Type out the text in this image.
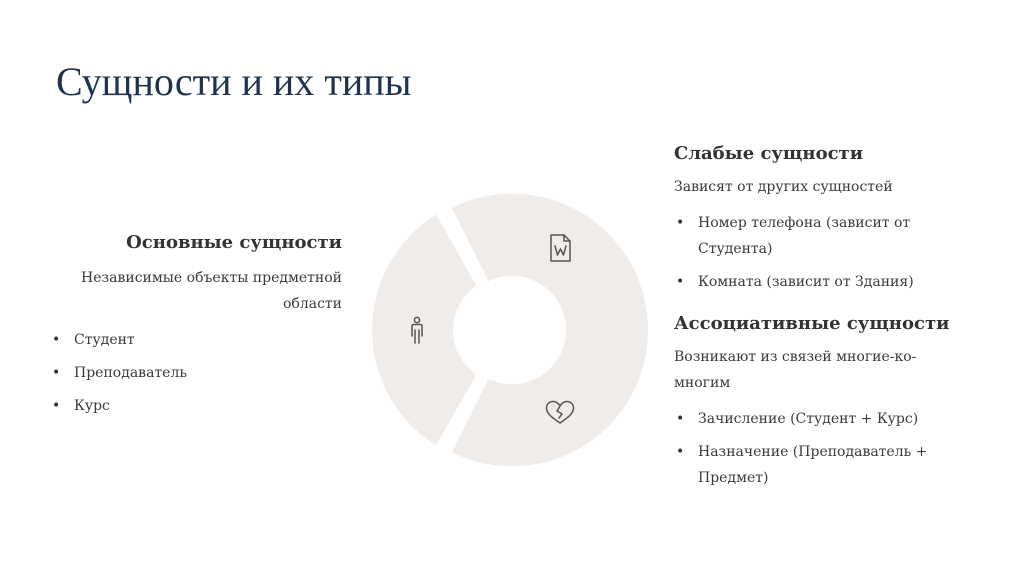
Сущности и их типы
Основные сущности

Независимые объекты предметной области

• Студент
• Преподаватель
• Курс
Слабые сущности

Зависят от других сущностей

• Номер телефона (зависит от Студента)
• Комната (зависит от Здания)
Ассоциативные сущности

Возникают из связей многие-ко-многим

• Зачисление (Студент + Курс)
• Назначение (Преподаватель + Предмет)
